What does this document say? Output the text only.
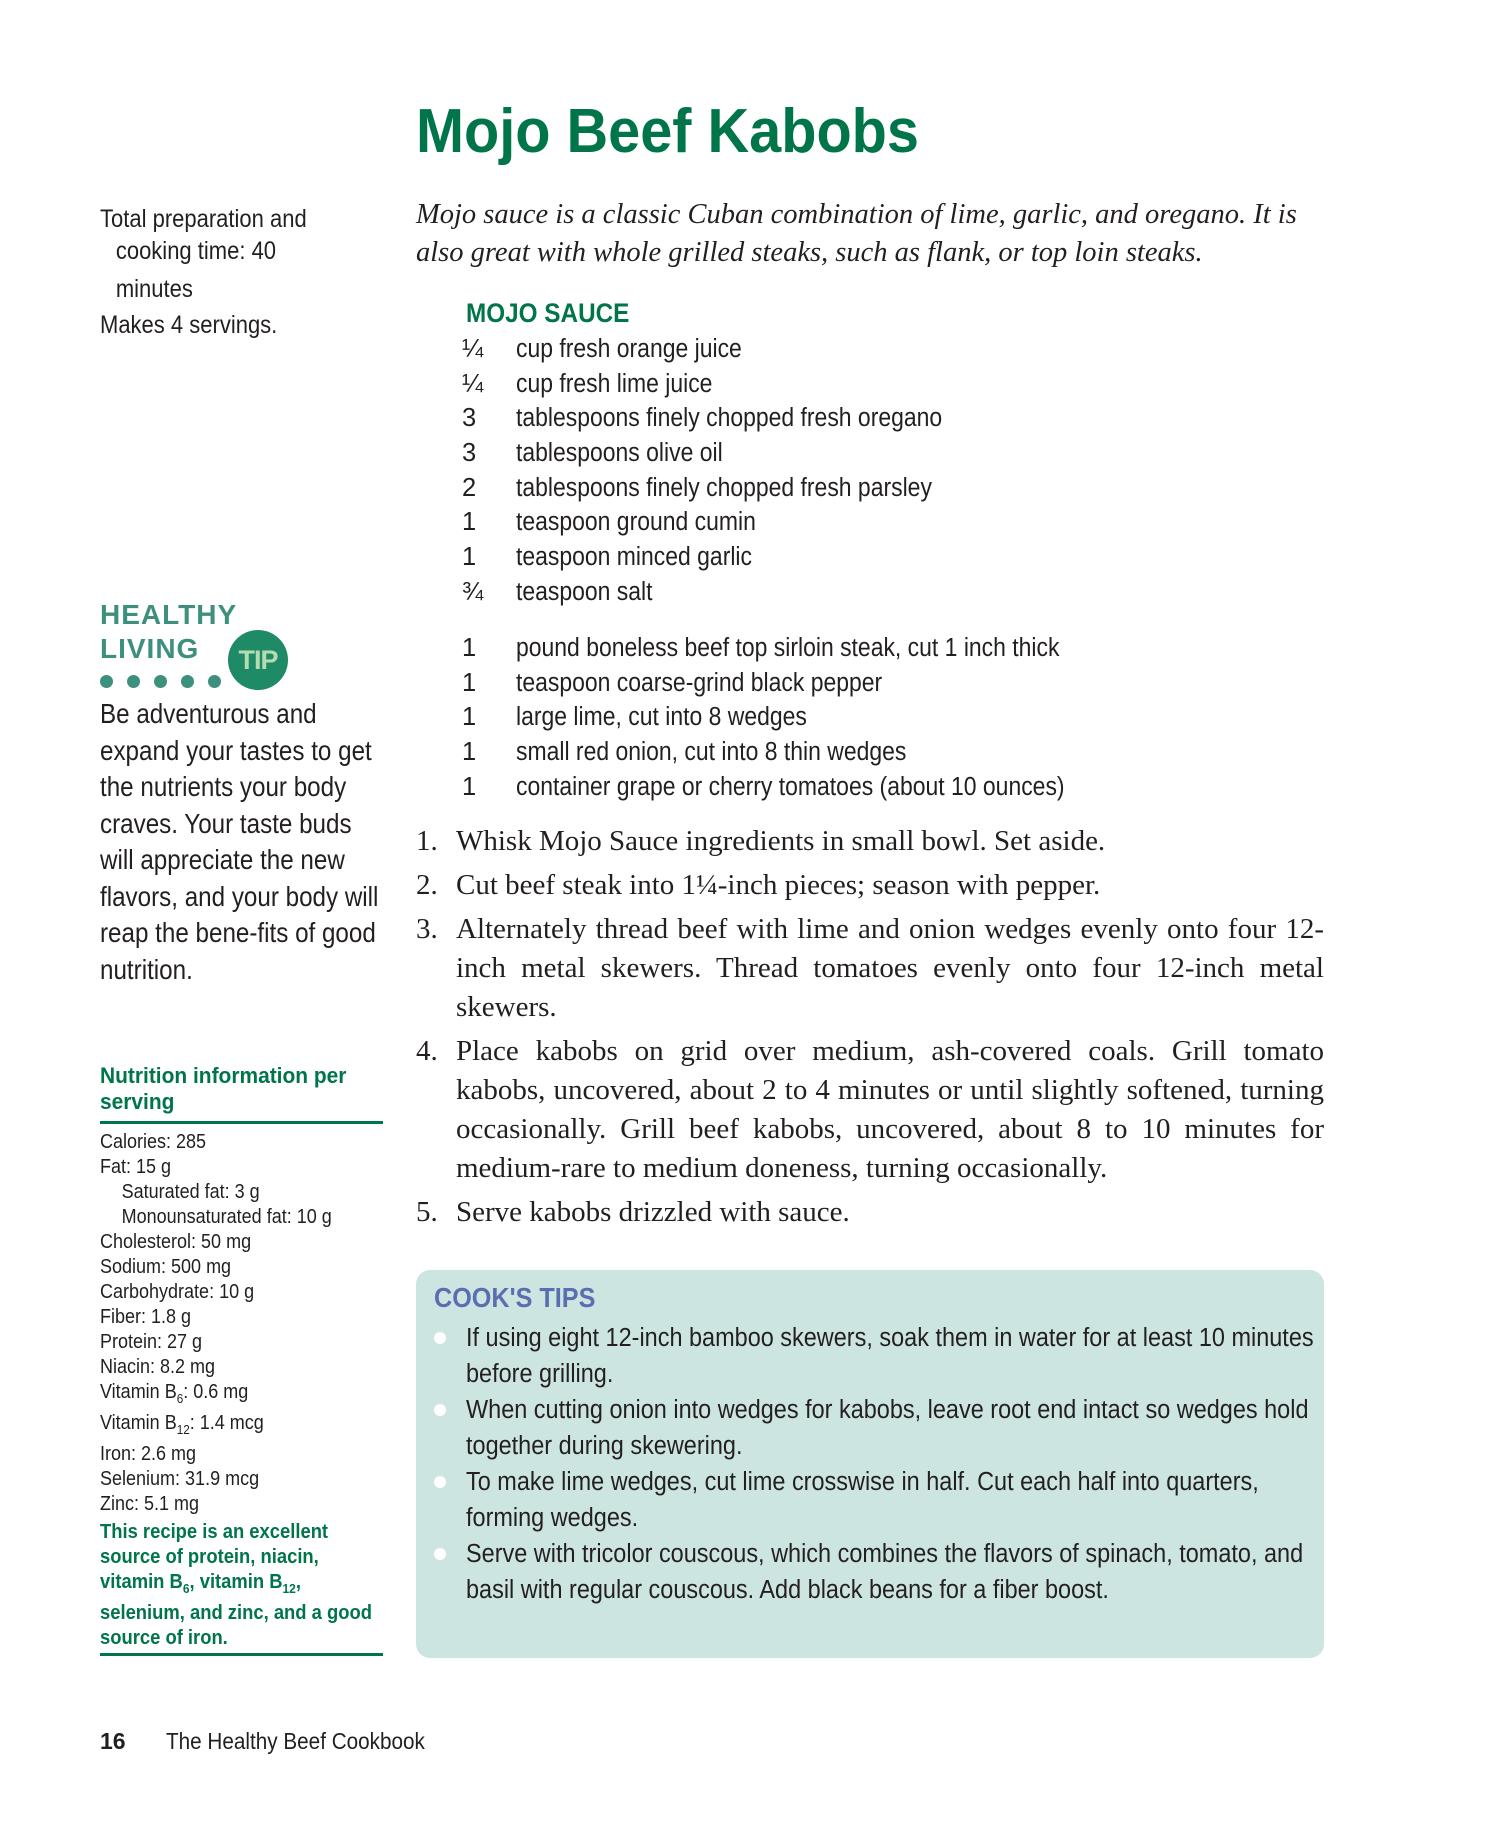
Mojo Beef Kabobs
Total preparation and
cooking time: 40 minutes
Makes 4 servings.
Mojo sauce is a classic Cuban combination of lime, garlic, and oregano. It is also great with whole grilled steaks, such as flank, or top loin steaks.
MOJO SAUCE
¼ cup fresh orange juice
¼ cup fresh lime juice
3 tablespoons finely chopped fresh oregano
3 tablespoons olive oil
2 tablespoons finely chopped fresh parsley
1 teaspoon ground cumin
1 teaspoon minced garlic
¾ teaspoon salt
1 pound boneless beef top sirloin steak, cut 1 inch thick
1 teaspoon coarse-grind black pepper
1 large lime, cut into 8 wedges
1 small red onion, cut into 8 thin wedges
1 container grape or cherry tomatoes (about 10 ounces)
1. Whisk Mojo Sauce ingredients in small bowl. Set aside.
2. Cut beef steak into 1¼-inch pieces; season with pepper.
3. Alternately thread beef with lime and onion wedges evenly onto four 12-inch metal skewers. Thread tomatoes evenly onto four 12-inch metal skewers.
4. Place kabobs on grid over medium, ash-covered coals. Grill tomato kabobs, uncovered, about 2 to 4 minutes or until slightly softened, turning occasionally. Grill beef kabobs, uncovered, about 8 to 10 minutes for medium-rare to medium doneness, turning occasionally.
5. Serve kabobs drizzled with sauce.
COOK'S TIPS
If using eight 12-inch bamboo skewers, soak them in water for at least 10 minutes before grilling.
When cutting onion into wedges for kabobs, leave root end intact so wedges hold together during skewering.
To make lime wedges, cut lime crosswise in half. Cut each half into quarters, forming wedges.
Serve with tricolor couscous, which combines the flavors of spinach, tomato, and basil with regular couscous. Add black beans for a fiber boost.
HEALTHY
LIVING	TIP
Be adventurous and expand your tastes to get the nutrients your body craves. Your taste buds will appreciate the new flavors, and your body will reap the bene-fits of good nutrition.
Nutrition information per serving
Calories: 285
Fat: 15 g
Saturated fat: 3 g
Monounsaturated fat: 10 g
Cholesterol: 50 mg
Sodium: 500 mg
Carbohydrate: 10 g
Fiber: 1.8 g
Protein: 27 g
Niacin: 8.2 mg
Vitamin $B_6$: 0.6 mg
Vitamin $B_{12}$: 1.4 mcg
Iron: 2.6 mg
Selenium: 31.9 mcg
Zinc: 5.1 mg
This recipe is an excellent source of protein, niacin, vitamin $B_6$, vitamin $B_{12}$, selenium, and zinc, and a good source of iron.
16 The Healthy Beef Cookbook
